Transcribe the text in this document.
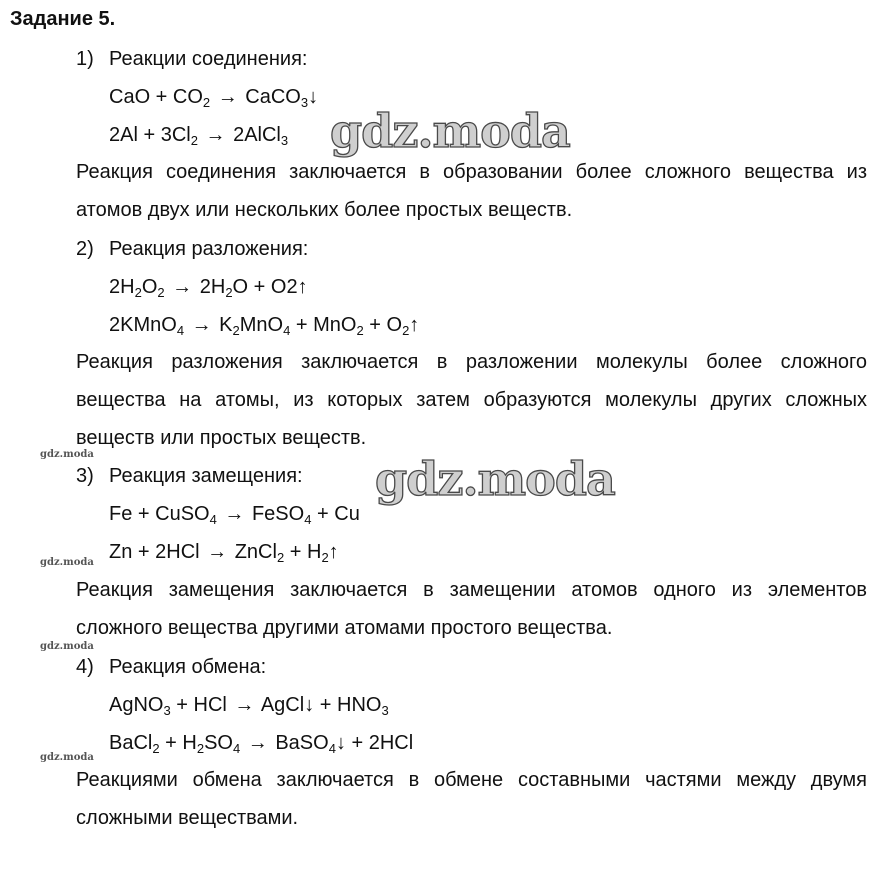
Задание 5.
1) Реакции соединения:
CaO + $CO_2$ → CaCO$_3$↓
$2Al + 3Cl_2$ → 2AlCl$_3$
Реакция соединения заключается в образовании более сложного вещества из атомов двух или нескольких более простых веществ.
2) Реакция разложения:
$2H_2O_2 \to 2H_2O$ + O2↑
2KMnO$_4$ → $K_2MnO_4 + MnO_2$ + $O_2↑$
Реакция разложения заключается в разложении молекулы более сложного вещества на атомы, из которых затем образуются молекулы других сложных веществ или простых веществ.
3) Реакция замещения:
Fe + CuSO$_4$ → FeSO$_4$ + Cu
Zn + 2HCl → ZnCl$_2$ + $H_2↑$
Реакция замещения заключается в замещении атомов одного из элементов сложного вещества другими атомами простого вещества.
4) Реакция обмена:
AgNO$_3$ + HCl → AgCl↓ + $HNO_3$
BaCl$_2$ + $H_2SO_4$ → BaSO$_4$↓ + 2HCl
Реакциями обмена заключается в обмене составными частями между двумя сложными веществами.
gdz.moda
gdz.moda
gdz.moda
gdz.moda
gdz.moda
gdz.moda
